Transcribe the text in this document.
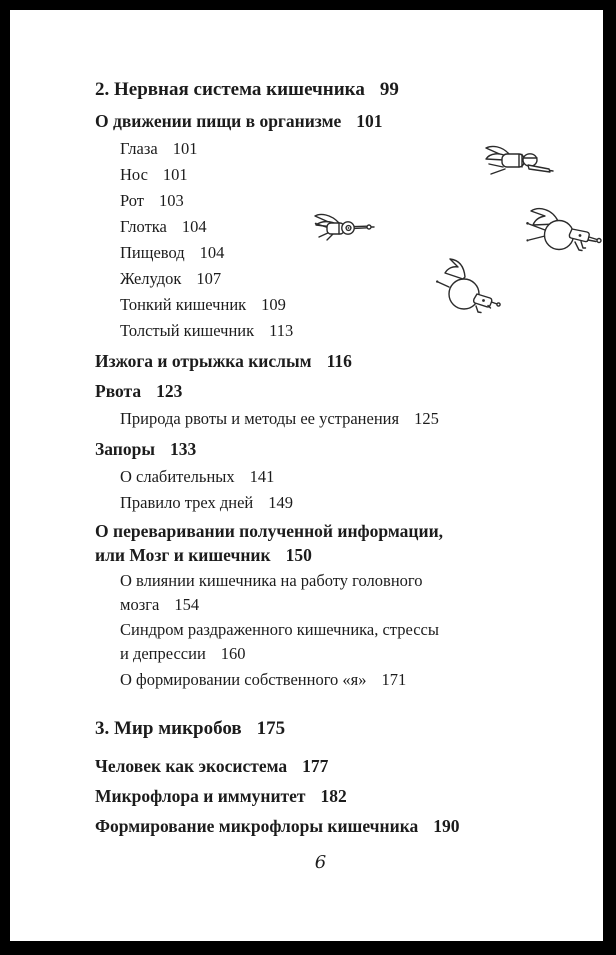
2. Нервная система кишечника 99
О движении пищи в организме 101
Глаза 101
Нос 101
Рот 103
Глотка 104
Пищевод 104
Желудок 107
Тонкий кишечник 109
Толстый кишечник 113
Изжога и отрыжка кислым 116
Рвота 123
Природа рвоты и методы ее устранения 125
Запоры 133
О слабительных 141
Правило трех дней 149
О переваривании полученной информации,
или Мозг и кишечник 150
О влиянии кишечника на работу головного
мозга 154
Синдром раздраженного кишечника, стрессы
и депрессии 160
О формировании собственного «я» 171
3. Мир микробов 175
Человек как экосистема 177
Микрофлора и иммунитет 182
Формирование микрофлоры кишечника 190
6
